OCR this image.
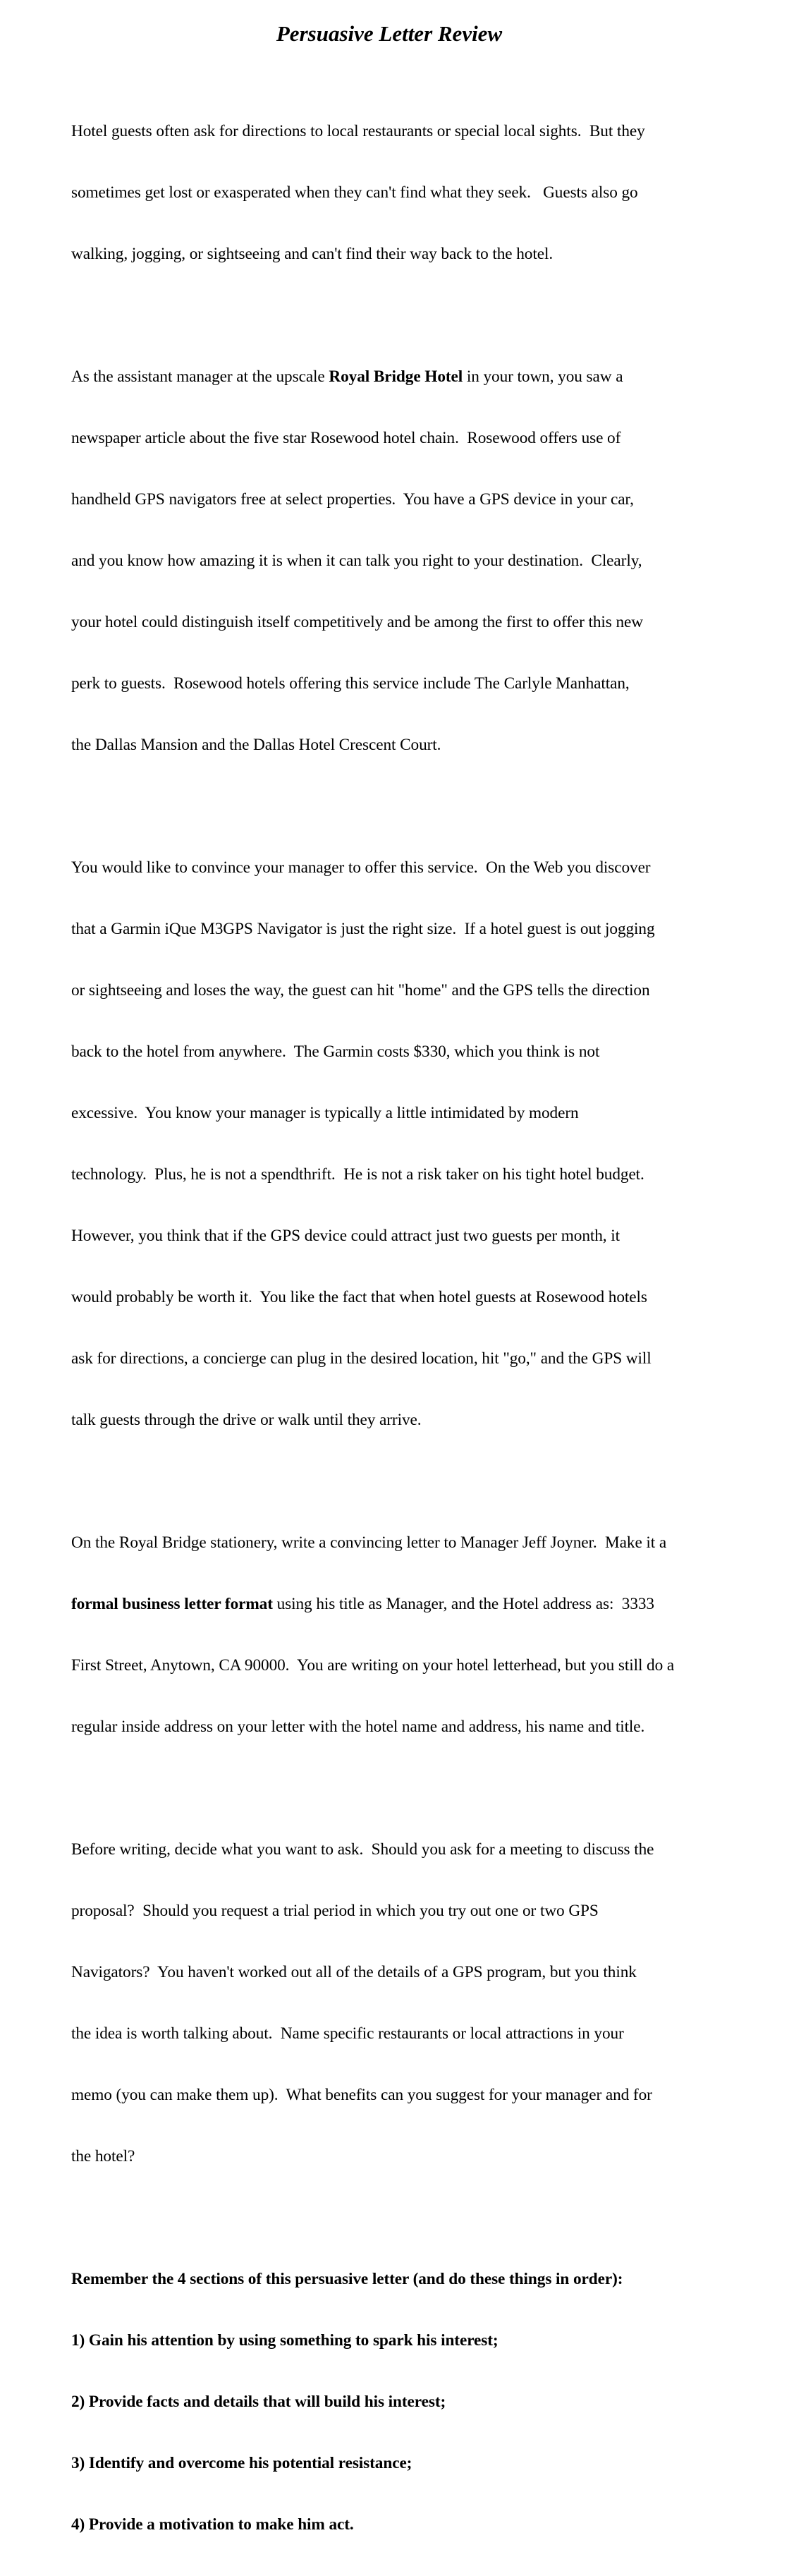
Persuasive Letter Review

Hotel guests often ask for directions to local restaurants or special local sights.  But they

sometimes get lost or exasperated when they can't find what they seek.   Guests also go

walking, jogging, or sightseeing and can't find their way back to the hotel.

As the assistant manager at the upscale Royal Bridge Hotel in your town, you saw a

newspaper article about the five star Rosewood hotel chain.  Rosewood offers use of

handheld GPS navigators free at select properties.  You have a GPS device in your car,

and you know how amazing it is when it can talk you right to your destination.  Clearly,

your hotel could distinguish itself competitively and be among the first to offer this new

perk to guests.  Rosewood hotels offering this service include The Carlyle Manhattan,

the Dallas Mansion and the Dallas Hotel Crescent Court.

You would like to convince your manager to offer this service.  On the Web you discover

that a Garmin iQue M3GPS Navigator is just the right size.  If a hotel guest is out jogging

or sightseeing and loses the way, the guest can hit "home" and the GPS tells the direction

back to the hotel from anywhere.  The Garmin costs $330, which you think is not

excessive.  You know your manager is typically a little intimidated by modern

technology.  Plus, he is not a spendthrift.  He is not a risk taker on his tight hotel budget.

However, you think that if the GPS device could attract just two guests per month, it

would probably be worth it.  You like the fact that when hotel guests at Rosewood hotels

ask for directions, a concierge can plug in the desired location, hit "go," and the GPS will

talk guests through the drive or walk until they arrive.

On the Royal Bridge stationery, write a convincing letter to Manager Jeff Joyner.  Make it a

formal business letter format using his title as Manager, and the Hotel address as:  3333

First Street, Anytown, CA 90000.  You are writing on your hotel letterhead, but you still do a

regular inside address on your letter with the hotel name and address, his name and title.

Before writing, decide what you want to ask.  Should you ask for a meeting to discuss the

proposal?  Should you request a trial period in which you try out one or two GPS

Navigators?  You haven't worked out all of the details of a GPS program, but you think

the idea is worth talking about.  Name specific restaurants or local attractions in your

memo (you can make them up).  What benefits can you suggest for your manager and for

the hotel?

Remember the 4 sections of this persuasive letter (and do these things in order):

1) Gain his attention by using something to spark his interest;

2) Provide facts and details that will build his interest;

3) Identify and overcome his potential resistance;

4) Provide a motivation to make him act.
